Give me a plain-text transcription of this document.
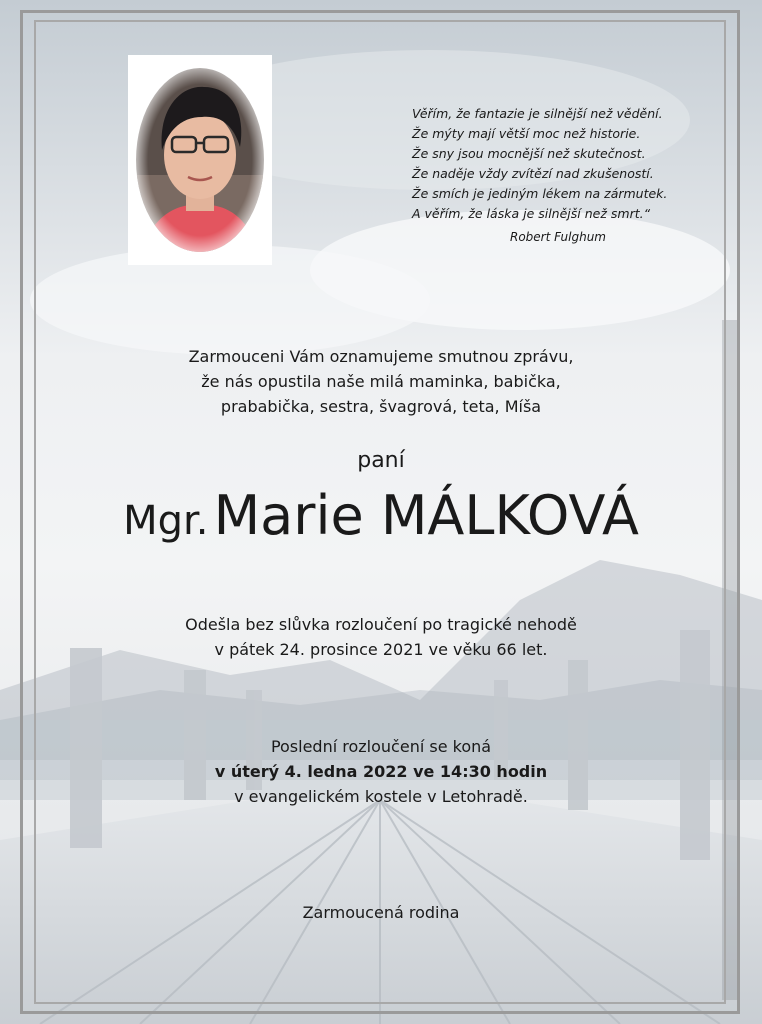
Věřím, že fantazie je silnější než vědění.
Že mýty mají větší moc než historie.
Že sny jsou mocnější než skutečnost.
Že naděje vždy zvítězí nad zkušeností.
Že smích je jediným lékem na zármutek.
A věřím, že láska je silnější než smrt.“
Robert Fulghum
Zarmouceni Vám oznamujeme smutnou zprávu,
že nás opustila naše milá maminka, babička,
prababička, sestra, švagrová, teta, Míša
paní
Mgr. Marie MÁLKOVÁ
Odešla bez slůvka rozloučení po tragické nehodě
v pátek 24. prosince 2021 ve věku 66 let.
Poslední rozloučení se koná
v úterý 4. ledna 2022 ve 14:30 hodin
v evangelickém kostele v Letohradě.
Zarmoucená rodina
